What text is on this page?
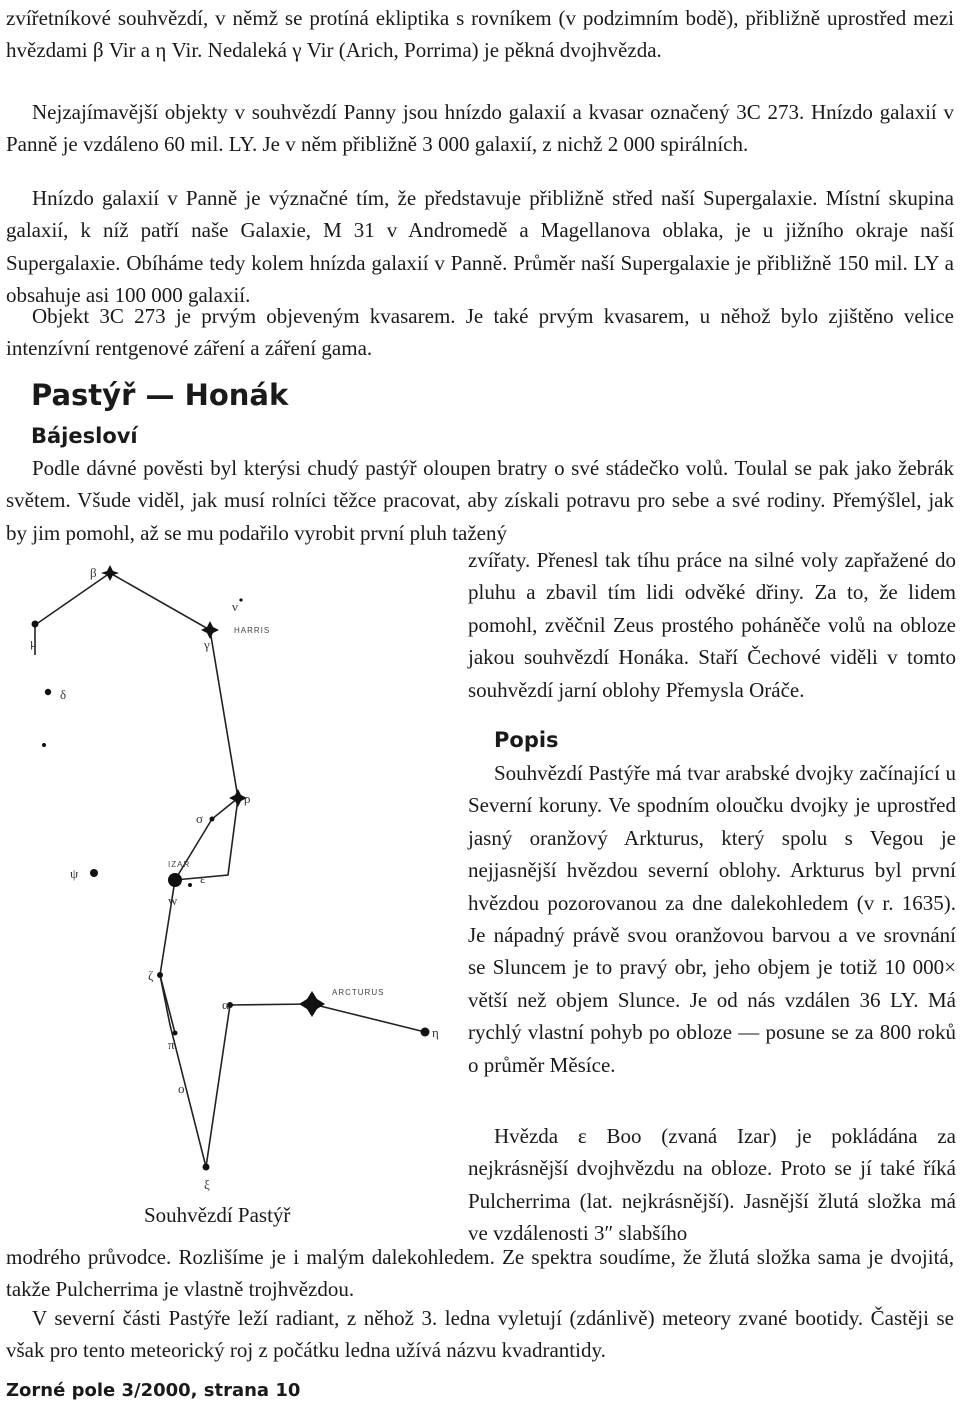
zvířetníkové souhvězdí, v němž se protíná ekliptika s rovníkem (v podzimním bodě), přibližně uprostřed mezi hvězdami β Vir a η Vir. Nedaleká γ Vir (Arich, Porrima) je pěkná dvojhvězda.

Nejzajímavější objekty v souhvězdí Panny jsou hnízdo galaxií a kvasar označený 3C 273. Hnízdo galaxií v Panně je vzdáleno 60 mil. LY. Je v něm přibližně 3 000 galaxií, z nichž 2 000 spirálních.

Hnízdo galaxií v Panně je význačné tím, že představuje přibližně střed naší Supergalaxie. Místní skupina galaxií, k níž patří naše Galaxie, M 31 v Andromedě a Magellanova oblaka, je u jižního okraje naší Supergalaxie. Obíháme tedy kolem hnízda galaxií v Panně. Průměr naší Supergalaxie je přibližně 150 mil. LY a obsahuje asi 100 000 galaxií.

Objekt 3C 273 je prvým objeveným kvasarem. Je také prvým kvasarem, u něhož bylo zjištěno velice intenzívní rentgenové záření a záření gama.

Pastýř — Honák
Bájesloví

Podle dávné pověsti byl kterýsi chudý pastýř oloupen bratry o své stádečko volů. Toulal se pak jako žebrák světem. Všude viděl, jak musí rolníci těžce pracovat, aby získali potravu pro sebe a své rodiny. Přemýšlel, jak by jim pomohl, až se mu podařilo vyrobit první pluh tažený

zvířaty. Přenesl tak tíhu práce na silné voly zapřažené do pluhu a zbavil tím lidi odvěké dřiny. Za to, že lidem pomohl, zvěčnil Zeus prostého poháněče volů na obloze jakou souhvězdí Honáka. Staří Čechové viděli v tomto souhvězdí jarní oblohy Přemysla Oráče.

Popis

Souhvězdí Pastýře má tvar arabské dvojky začínající u Severní koruny. Ve spodním oloučku dvojky je uprostřed jasný oranžový Arkturus, který spolu s Vegou je nejjasnější hvězdou severní oblohy. Arkturus byl první hvězdou pozorovanou za dne dalekohledem (v r. 1635). Je nápadný právě svou oranžovou barvou a ve srovnání se Sluncem je to pravý obr, jeho objem je totiž 10 000× větší než objem Slunce. Je od nás vzdálen 36 LY. Má rychlý vlastní pohyb po obloze — posune se za 800 roků o průměr Měsíce.

Hvězda ε Boo (zvaná Izar) je pokládána za nejkrásnější dvojhvězdu na obloze. Proto se jí také říká Pulcherrima (lat. nejkrásnější). Jasnější žlutá složka má ve vzdálenosti 3″ slabšího

modrého průvodce. Rozlišíme je i malým dalekohledem. Ze spektra soudíme, že žlutá složka sama je dvojitá, takže Pulcherrima je vlastně trojhvězdou.

V severní části Pastýře leží radiant, z něhož 3. ledna vyletují (zdánlivě) meteory zvané bootidy. Častěji se však pro tento meteorický roj z počátku ledna užívá názvu kvadrantidy.

β
γ
ν
μ
δ
ρ
σ
ψ	ε
w
ζ
π
ξ
α
ο
η
IZAR
ARCTURUS
HARRIS

Souhvězdí Pastýř

Zorné pole 3/2000, strana 10
